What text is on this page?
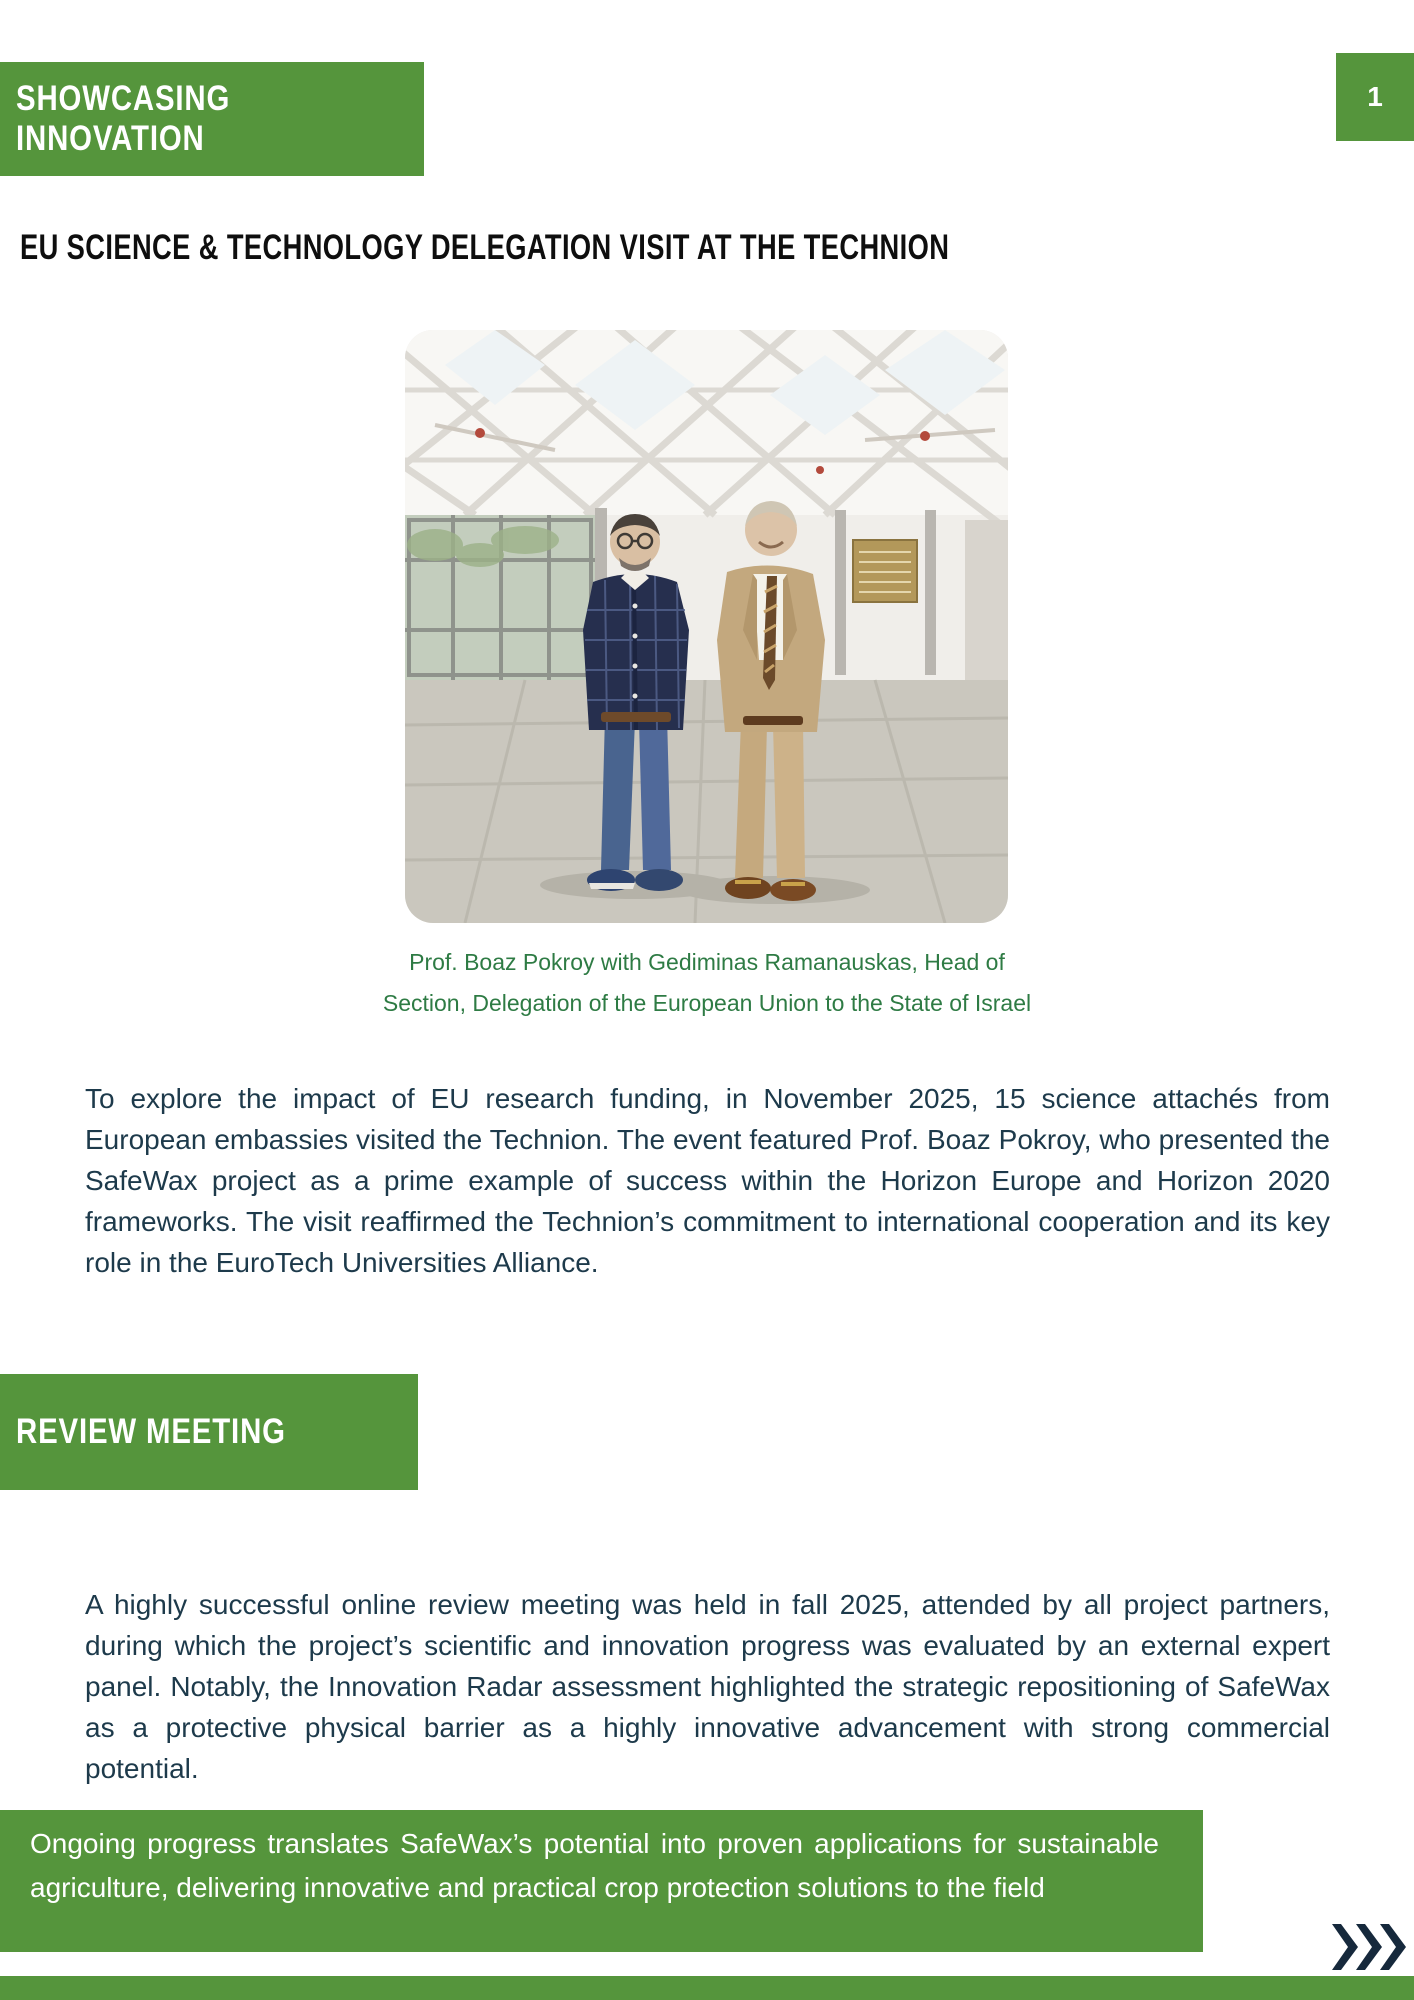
SHOWCASING
INNOVATION
1
EU SCIENCE & TECHNOLOGY DELEGATION VISIT AT THE TECHNION
Prof. Boaz Pokroy with Gediminas Ramanauskas, Head of
Section, Delegation of the European Union to the State of Israel

To explore the impact of EU research funding, in November 2025, 15 science attachés from European embassies visited the Technion. The event featured Prof. Boaz Pokroy, who presented the SafeWax project as a prime example of success within the Horizon Europe and Horizon 2020 frameworks. The visit reaffirmed the Technion’s commitment to international cooperation and its key role in the EuroTech Universities Alliance.

REVIEW MEETING

A highly successful online review meeting was held in fall 2025, attended by all project partners, during which the project’s scientific and innovation progress was evaluated by an external expert panel. Notably, the Innovation Radar assessment highlighted the strategic repositioning of SafeWax as a protective physical barrier as a highly innovative advancement with strong commercial potential.

Ongoing progress translates SafeWax’s potential into proven applications for sustainable agriculture, delivering innovative and practical crop protection solutions to the field
